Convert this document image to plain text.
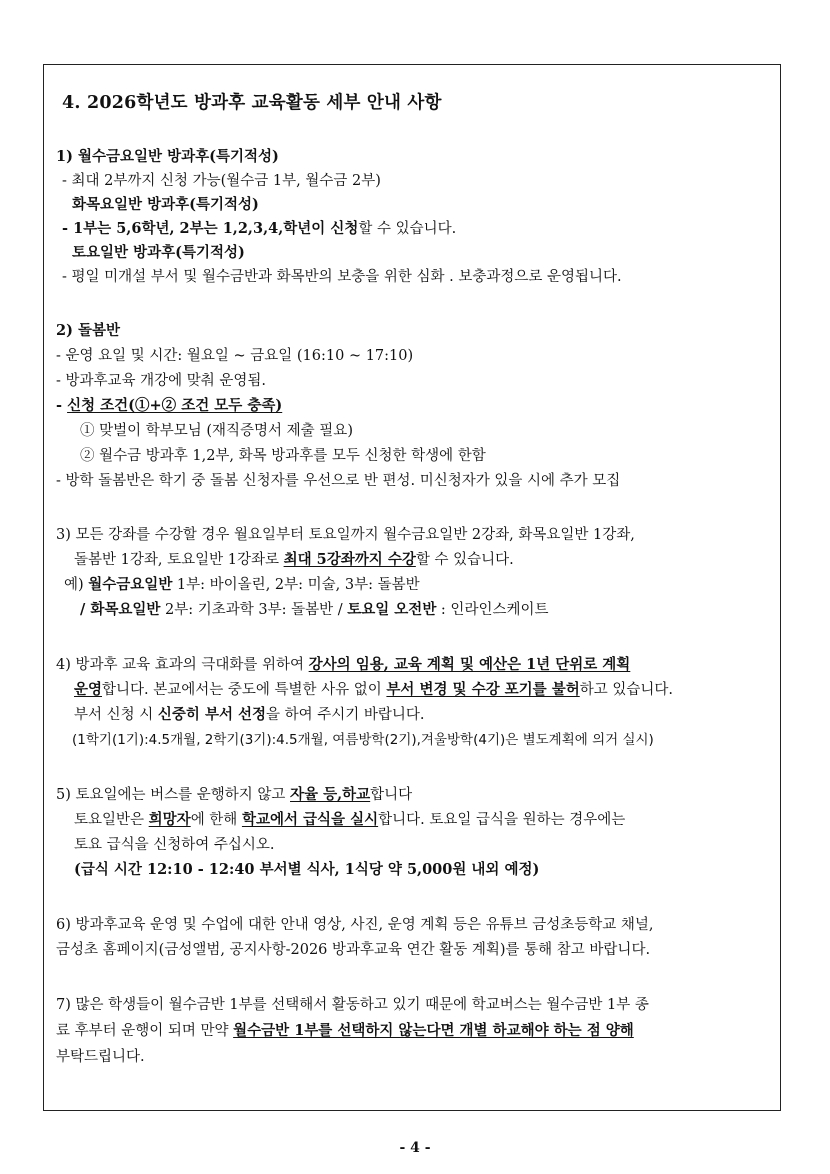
4. 2026학년도 방과후 교육활동 세부 안내 사항
1) 월수금요일반 방과후(특기적성)
- 최대 2부까지 신청 가능(월수금 1부, 월수금 2부)
화목요일반 방과후(특기적성)
- 1부는 5,6학년, 2부는 1,2,3,4,학년이 신청할 수 있습니다.
토요일반 방과후(특기적성)
- 평일 미개설 부서 및 월수금반과 화목반의 보충을 위한 심화 . 보충과정으로 운영됩니다.
2) 돌봄반
- 운영 요일 및 시간: 월요일 ~ 금요일 (16:10 ~ 17:10)
- 방과후교육 개강에 맞춰 운영됨.
- 신청 조건(①+② 조건 모두 충족)
① 맞벌이 학부모님 (재직증명서 제출 필요)
② 월수금 방과후 1,2부, 화목 방과후를 모두 신청한 학생에 한함
- 방학 돌봄반은 학기 중 돌봄 신청자를 우선으로 반 편성. 미신청자가 있을 시에 추가 모집
3) 모든 강좌를 수강할 경우 월요일부터 토요일까지 월수금요일반 2강좌, 화목요일반 1강좌,
돌봄반 1강좌, 토요일반 1강좌로 최대 5강좌까지 수강할 수 있습니다.
예) 월수금요일반 1부: 바이올린, 2부: 미술, 3부: 돌봄반
/ 화목요일반 2부: 기초과학 3부: 돌봄반 / 토요일 오전반 : 인라인스케이트
4) 방과후 교육 효과의 극대화를 위하여 강사의 임용, 교육 계획 및 예산은 1년 단위로 계획
운영합니다. 본교에서는 중도에 특별한 사유 없이 부서 변경 및 수강 포기를 불허하고 있습니다.
부서 신청 시 신중히 부서 선정을 하여 주시기 바랍니다.
(1학기(1기):4.5개월, 2학기(3기):4.5개월, 여름방학(2기),겨울방학(4기)은 별도계획에 의거 실시)
5) 토요일에는 버스를 운행하지 않고 자율 등,하교합니다
토요일반은 희망자에 한해 학교에서 급식을 실시합니다. 토요일 급식을 원하는 경우에는
토요 급식을 신청하여 주십시오.
(급식 시간 12:10 - 12:40 부서별 식사, 1식당 약 5,000원 내외 예정)
6) 방과후교육 운영 및 수업에 대한 안내 영상, 사진, 운영 계획 등은 유튜브 금성초등학교 채널,
금성초 홈페이지(금성앨범, 공지사항-2026 방과후교육 연간 활동 계획)를 통해 참고 바랍니다.
7) 많은 학생들이 월수금반 1부를 선택해서 활동하고 있기 때문에 학교버스는 월수금반 1부 종
료 후부터 운행이 되며 만약 월수금반 1부를 선택하지 않는다면 개별 하교해야 하는 점 양해
부탁드립니다.
- 4 -
